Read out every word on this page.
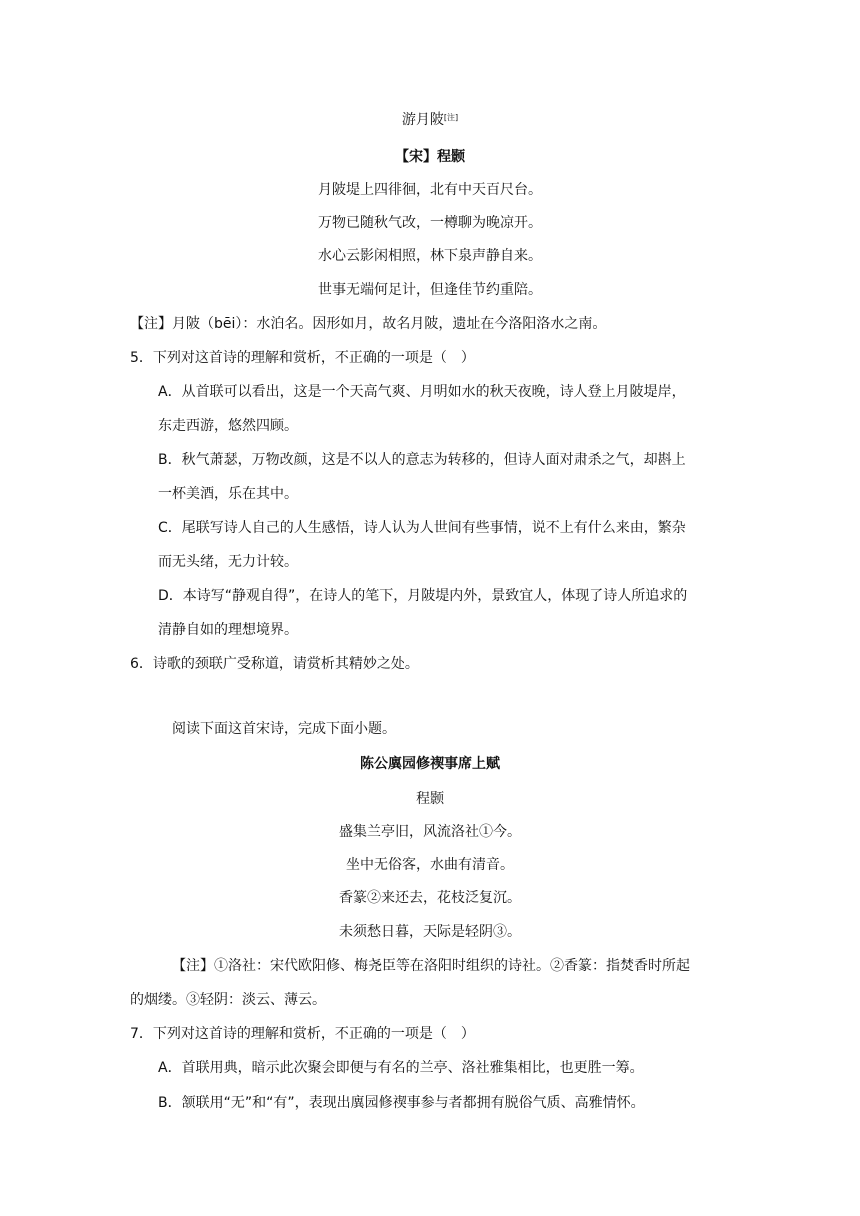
游月陂[注]
【宋】程颢
月陂堤上四徘徊，北有中天百尺台。
万物已随秋气改，一樽聊为晚凉开。
水心云影闲相照，林下泉声静自来。
世事无端何足计，但逢佳节约重陪。
【注】月陂（bēi）：水泊名。因形如月，故名月陂，遗址在今洛阳洛水之南。
5．下列对这首诗的理解和赏析，不正确的一项是（　）
A．从首联可以看出，这是一个天高气爽、月明如水的秋天夜晚，诗人登上月陂堤岸，
东走西游，悠然四顾。
B．秋气萧瑟，万物改颜，这是不以人的意志为转移的，但诗人面对肃杀之气，却斟上
一杯美酒，乐在其中。
C．尾联写诗人自己的人生感悟，诗人认为人世间有些事情，说不上有什么来由，繁杂
而无头绪，无力计较。
D．本诗写“静观自得”，在诗人的笔下，月陂堤内外，景致宜人，体现了诗人所追求的
清静自如的理想境界。
6．诗歌的颈联广受称道，请赏析其精妙之处。
阅读下面这首宋诗，完成下面小题。
陈公廙园修禊事席上赋
程颢
盛集兰亭旧，风流洛社①今。
坐中无俗客，水曲有清音。
香篆②来还去，花枝泛复沉。
未须愁日暮，天际是轻阴③。
【注】①洛社：宋代欧阳修、梅尧臣等在洛阳时组织的诗社。②香篆：指焚香时所起
的烟缕。③轻阴：淡云、薄云。
7．下列对这首诗的理解和赏析，不正确的一项是（　）
A．首联用典，暗示此次聚会即便与有名的兰亭、洛社雅集相比，也更胜一筹。
B．颔联用“无”和“有”，表现出廙园修禊事参与者都拥有脱俗气质、高雅情怀。
